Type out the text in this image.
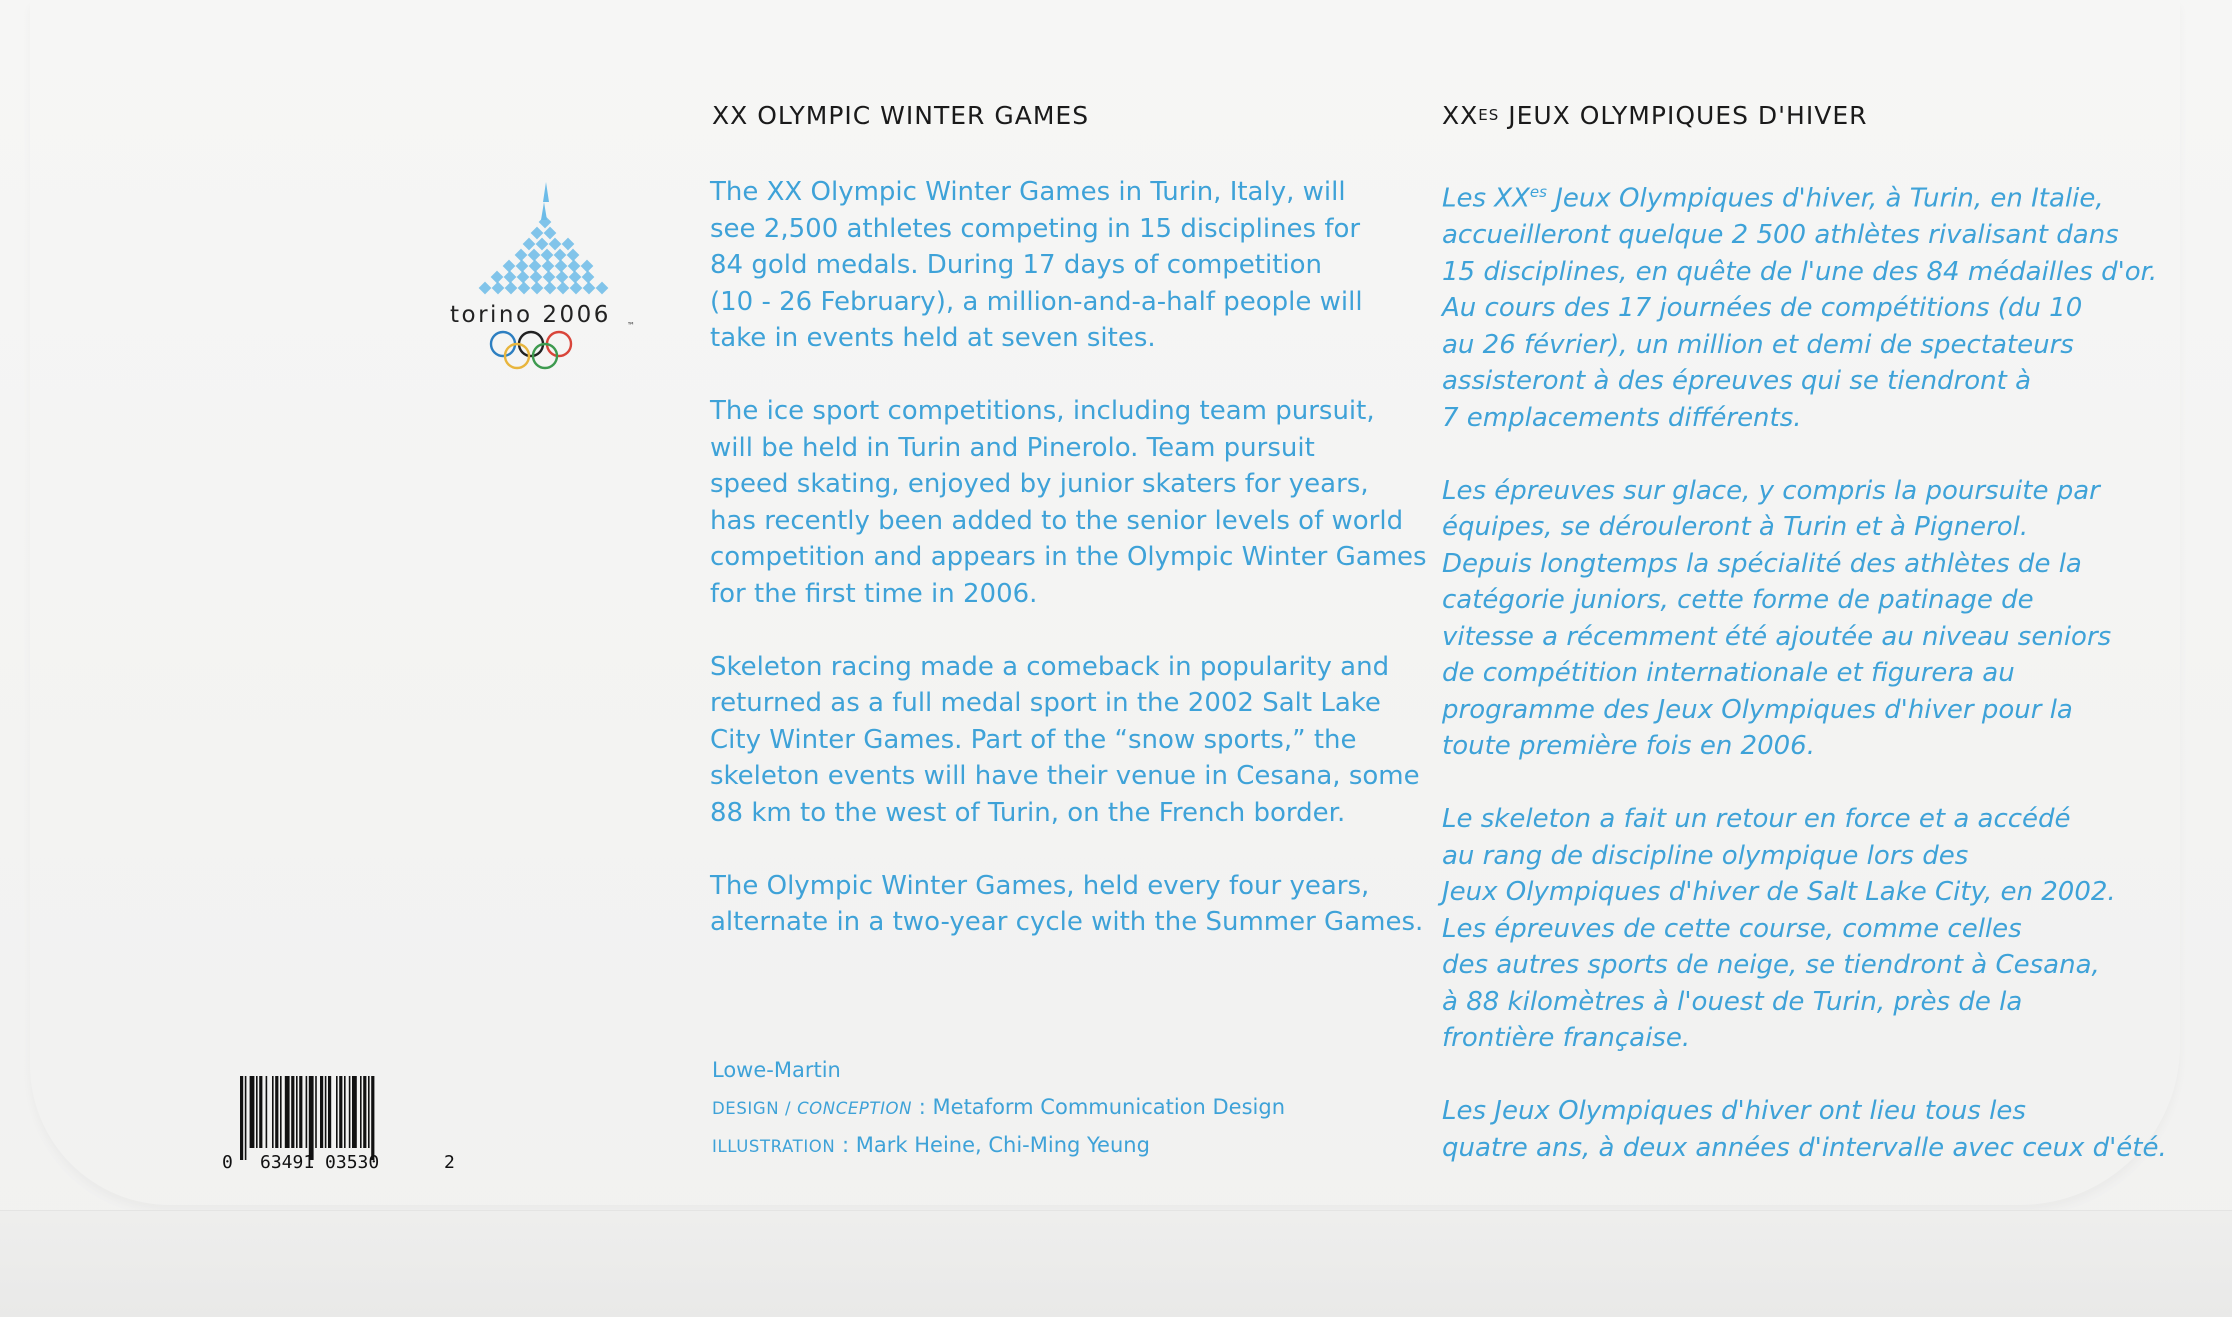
torino 2006 ™
XX OLYMPIC WINTER GAMES

The XX Olympic Winter Games in Turin, Italy, will
see 2,500 athletes competing in 15 disciplines for
84 gold medals. During 17 days of competition
(10 - 26 February), a million-and-a-half people will
take in events held at seven sites.

The ice sport competitions, including team pursuit,
will be held in Turin and Pinerolo. Team pursuit
speed skating, enjoyed by junior skaters for years,
has recently been added to the senior levels of world
competition and appears in the Olympic Winter Games
for the first time in 2006.

Skeleton racing made a comeback in popularity and
returned as a full medal sport in the 2002 Salt Lake
City Winter Games. Part of the “snow sports,” the
skeleton events will have their venue in Cesana, some
88 km to the west of Turin, on the French border.

The Olympic Winter Games, held every four years,
alternate in a two-year cycle with the Summer Games.

$XX^{ES}$ JEUX OLYMPIQUES D'HIVER

Les $XX^{es}$ Jeux Olympiques d'hiver, à Turin, en Italie,
accueilleront quelque 2 500 athlètes rivalisant dans
15 disciplines, en quête de l'une des 84 médailles d'or.
Au cours des 17 journées de compétitions (du 10
au 26 février), un million et demi de spectateurs
assisteront à des épreuves qui se tiendront à
7 emplacements différents.

Les épreuves sur glace, y compris la poursuite par
équipes, se dérouleront à Turin et à Pignerol.
Depuis longtemps la spécialité des athlètes de la
catégorie juniors, cette forme de patinage de
vitesse a récemment été ajoutée au niveau seniors
de compétition internationale et figurera au
programme des Jeux Olympiques d'hiver pour la
toute première fois en 2006.

Le skeleton a fait un retour en force et a accédé
au rang de discipline olympique lors des
Jeux Olympiques d'hiver de Salt Lake City, en 2002.
Les épreuves de cette course, comme celles
des autres sports de neige, se tiendront à Cesana,
à 88 kilomètres à l'ouest de Turin, près de la
frontière française.

Les Jeux Olympiques d'hiver ont lieu tous les
quatre ans, à deux années d'intervalle avec ceux d'été.

Lowe-Martin
DESIGN / CONCEPTION : Metaform Communication Design
ILLUSTRATION : Mark Heine, Chi-Ming Yeung
0 63491 03530	2
